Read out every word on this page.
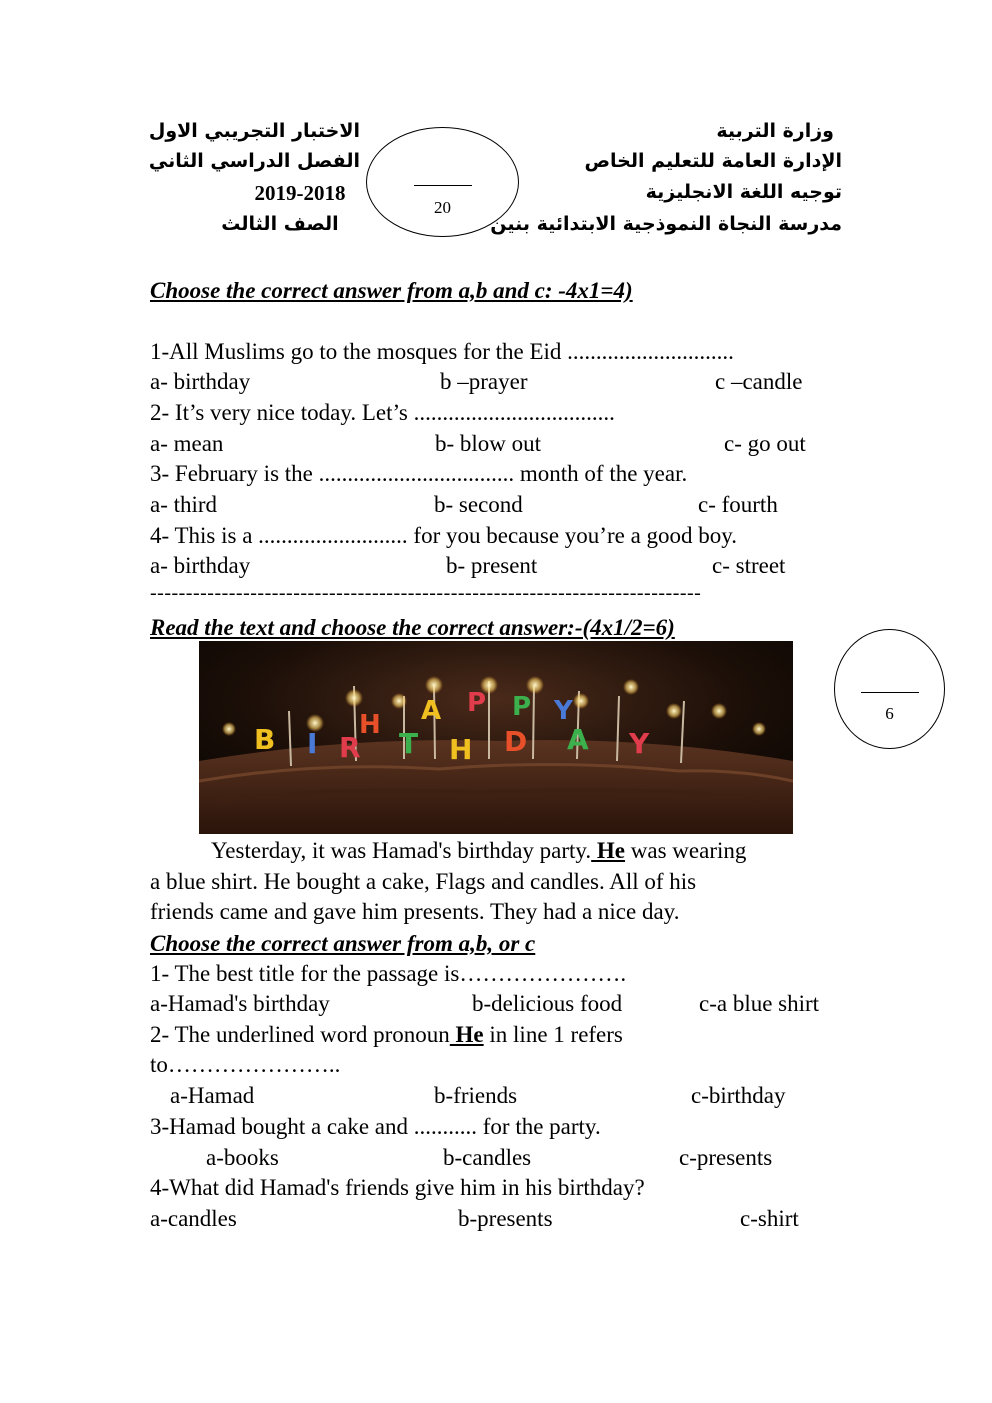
وزارة التربية
الإدارة العامة للتعليم الخاص
توجيه اللغة الانجليزية
مدرسة النجاة النموذجية الابتدائية بنين
الاختبار التجريبي الاول
الفصل الدراسي الثاني
2019-2018
الصف الثالث
20
Choose the correct answer from a,b and c: -4x1=4)
1-All Muslims go to the mosques for the Eid .............................
a- birthday	b –prayer	c –candle
2- It’s very nice today. Let’s ...................................
a- mean	b- blow out	c- go out
3- February is the .................................. month of the year.
a- third	b- second	c- fourth
4- This is a .......................... for you because you’re a good boy.
a- birthday	b- present	c- street
-----------------------------------------------------------------------------
Read the text and choose the correct answer:-(4x1/2=6)
6
H A P P Y
B I R T H D A Y
Yesterday, it was Hamad's birthday party. He was wearing
a blue shirt. He bought a cake, Flags and candles. All of his
friends came and gave him presents. They had a nice day.
Choose the correct answer from a,b, or c
1- The best title for the passage is………………….
a-Hamad's birthday	b-delicious food	c-a blue shirt
2- The underlined word pronoun He in line 1 refers
to…………………..
a-Hamad	b-friends	c-birthday
3-Hamad bought a cake and ........... for the party.
a-books	b-candles	c-presents
4-What did Hamad's friends give him in his birthday?
a-candles	b-presents	c-shirt
